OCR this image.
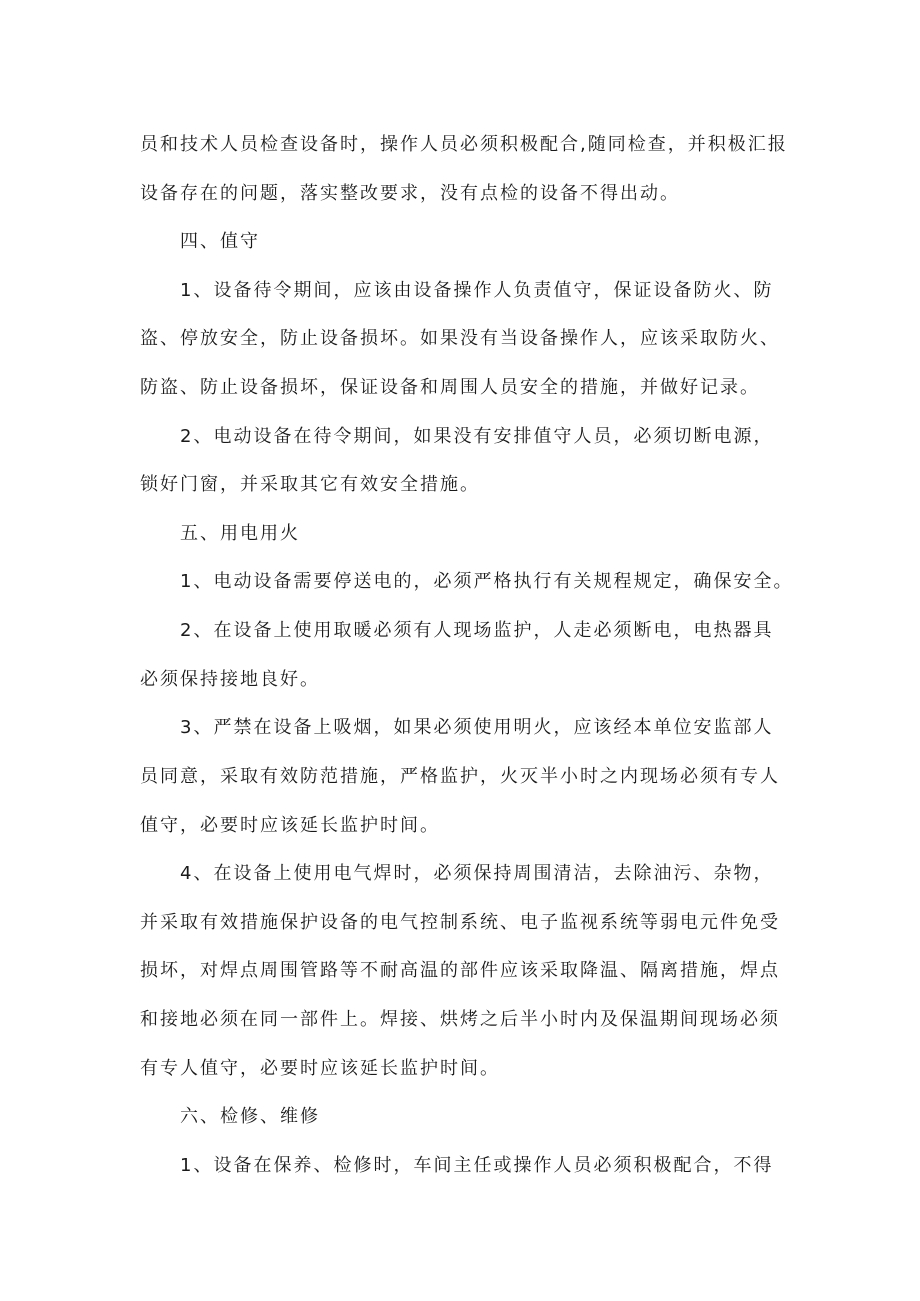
员和技术人员检查设备时，操作人员必须积极配合,随同检查，并积极汇报
设备存在的问题，落实整改要求，没有点检的设备不得出动。
四、值守
1、设备待令期间，应该由设备操作人负责值守，保证设备防火、防
盗、停放安全，防止设备损坏。如果没有当设备操作人，应该采取防火、
防盗、防止设备损坏，保证设备和周围人员安全的措施，并做好记录。
2、电动设备在待令期间，如果没有安排值守人员，必须切断电源，
锁好门窗，并采取其它有效安全措施。
五、用电用火
1、电动设备需要停送电的，必须严格执行有关规程规定，确保安全。
2、在设备上使用取暖必须有人现场监护，人走必须断电，电热器具
必须保持接地良好。
3、严禁在设备上吸烟，如果必须使用明火，应该经本单位安监部人
员同意，采取有效防范措施，严格监护，火灭半小时之内现场必须有专人
值守，必要时应该延长监护时间。
4、在设备上使用电气焊时，必须保持周围清洁，去除油污、杂物，
并采取有效措施保护设备的电气控制系统、电子监视系统等弱电元件免受
损坏，对焊点周围管路等不耐高温的部件应该采取降温、隔离措施，焊点
和接地必须在同一部件上。焊接、烘烤之后半小时内及保温期间现场必须
有专人值守，必要时应该延长监护时间。
六、检修、维修
1、设备在保养、检修时，车间主任或操作人员必须积极配合，不得
